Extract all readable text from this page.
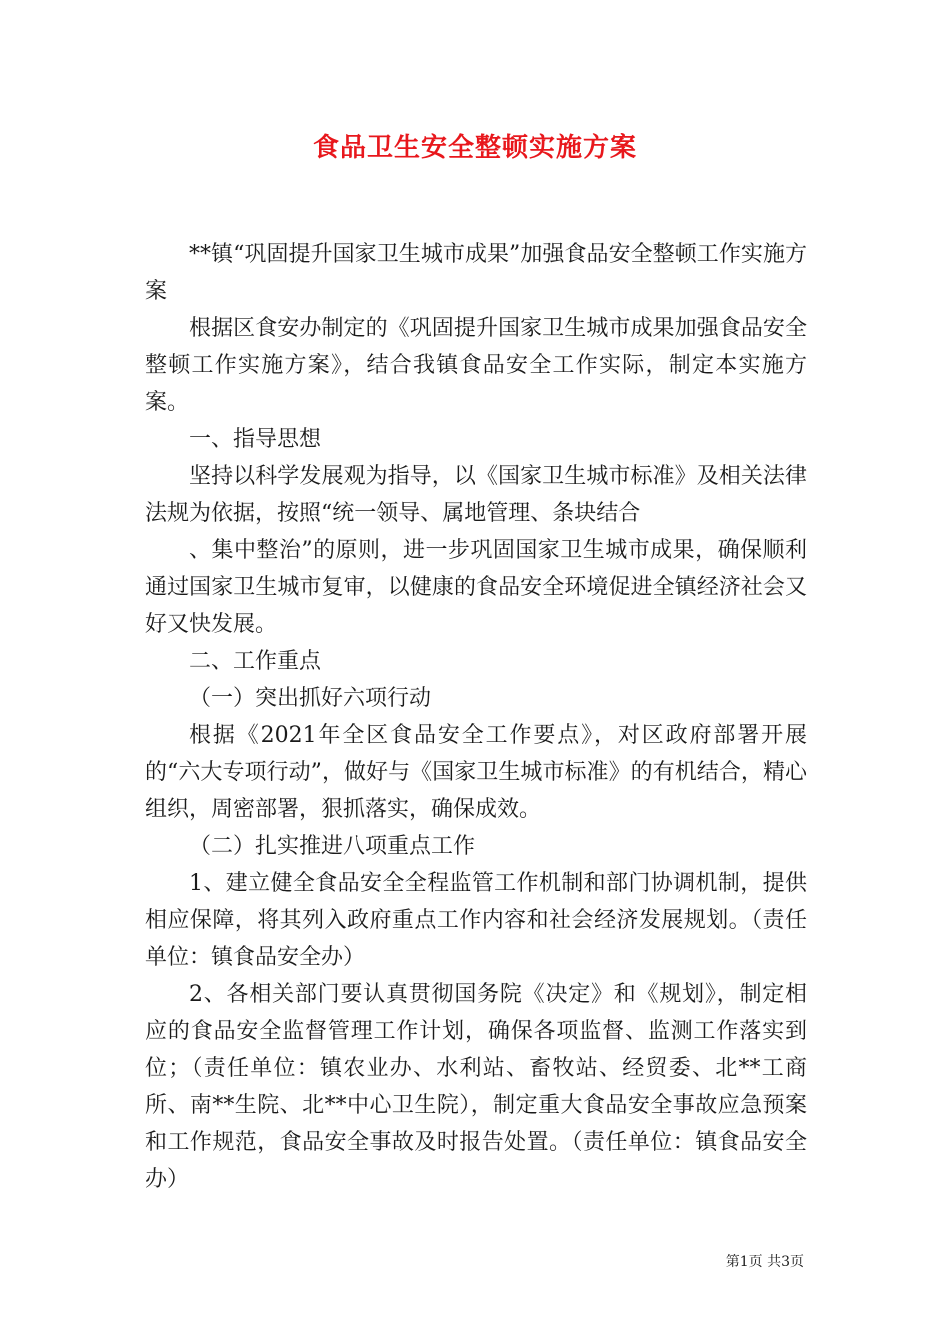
食品卫生安全整顿实施方案

**镇“巩固提升国家卫生城市成果”加强食品安全整顿工作实施方案

根据区食安办制定的《巩固提升国家卫生城市成果加强食品安全整顿工作实施方案》，结合我镇食品安全工作实际，制定本实施方案。

一、指导思想

坚持以科学发展观为指导，以《国家卫生城市标准》及相关法律法规为依据，按照“统一领导、属地管理、条块结合

、集中整治”的原则，进一步巩固国家卫生城市成果，确保顺利通过国家卫生城市复审，以健康的食品安全环境促进全镇经济社会又好又快发展。

二、工作重点

（一）突出抓好六项行动

根据《2021年全区食品安全工作要点》，对区政府部署开展的“六大专项行动”，做好与《国家卫生城市标准》的有机结合，精心组织，周密部署，狠抓落实，确保成效。

（二）扎实推进八项重点工作

1、建立健全食品安全全程监管工作机制和部门协调机制，提供相应保障，将其列入政府重点工作内容和社会经济发展规划。（责任单位：镇食品安全办）

2、各相关部门要认真贯彻国务院《决定》和《规划》，制定相应的食品安全监督管理工作计划，确保各项监督、监测工作落实到位；（责任单位：镇农业办、水利站、畜牧站、经贸委、北**工商所、南**生院、北**中心卫生院），制定重大食品安全事故应急预案和工作规范，食品安全事故及时报告处置。（责任单位：镇食品安全办）

第1页 共3页
